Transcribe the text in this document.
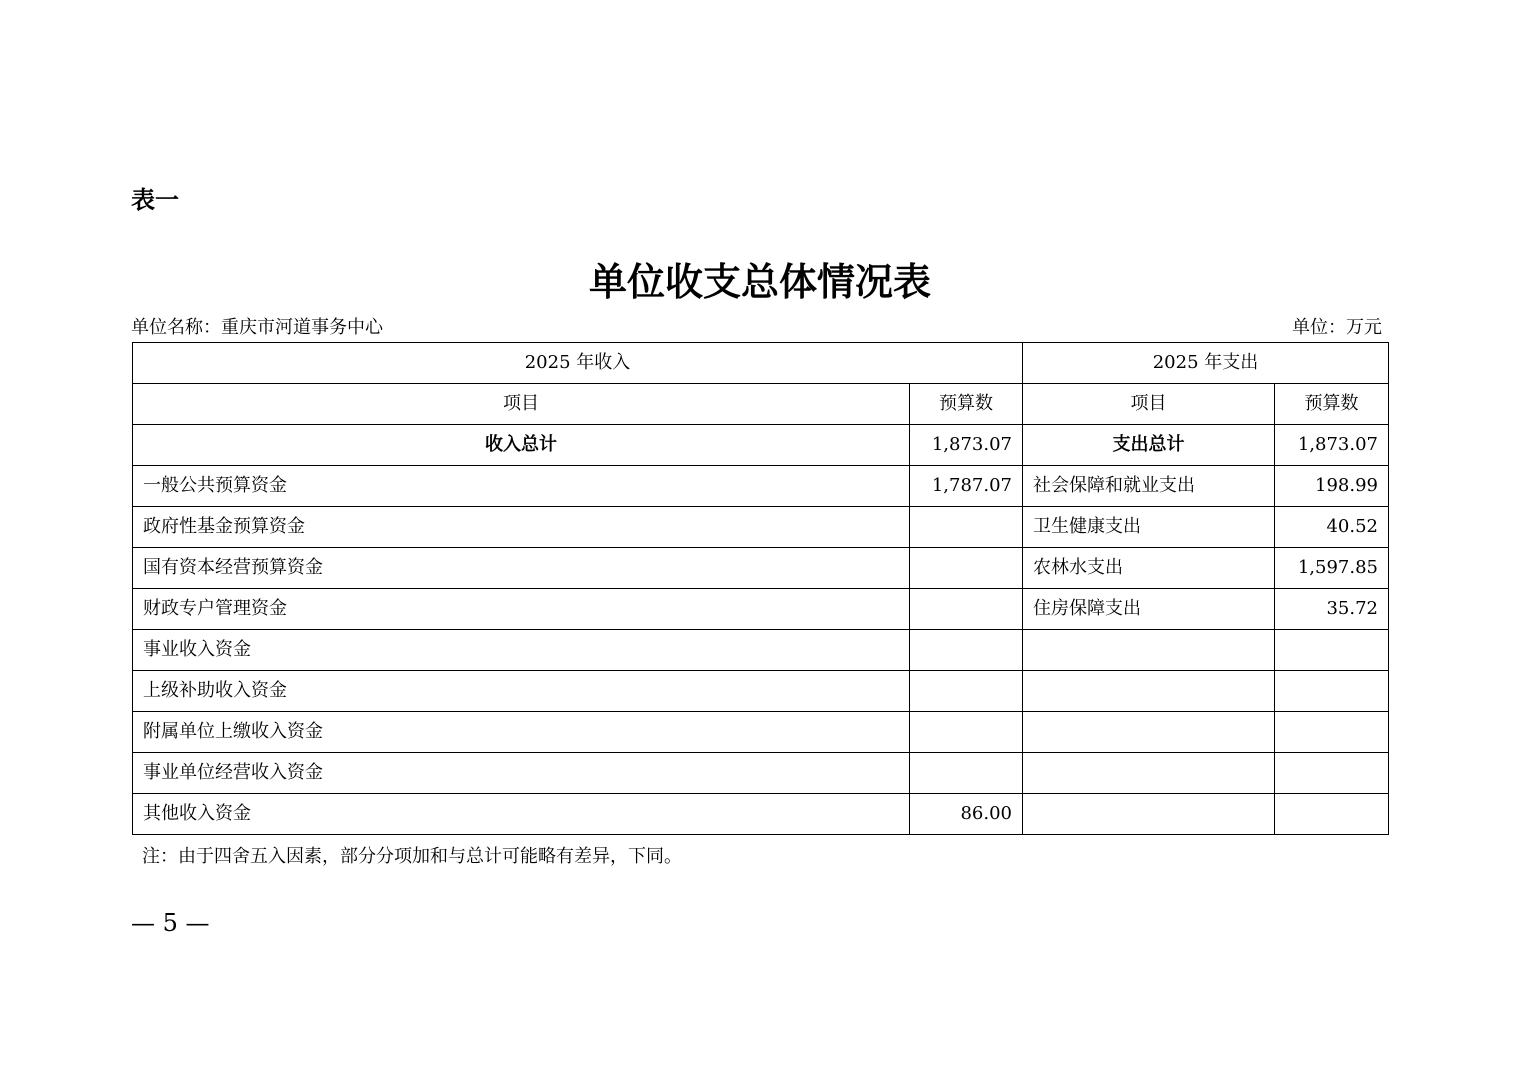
表一
单位收支总体情况表
单位名称：重庆市河道事务中心	单位：万元
2025 年收入		2025 年支出	
项目	预算数	项目	预算数
收入总计	1,873.07	支出总计	1,873.07
一般公共预算资金	1,787.07	社会保障和就业支出	198.99
政府性基金预算资金		卫生健康支出	40.52
国有资本经营预算资金		农林水支出	1,597.85
财政专户管理资金		住房保障支出	35.72
事业收入资金			
上级补助收入资金			
附属单位上缴收入资金			
事业单位经营收入资金			
其他收入资金	86.00		
注：由于四舍五入因素，部分分项加和与总计可能略有差异，下同。
— 5 —
